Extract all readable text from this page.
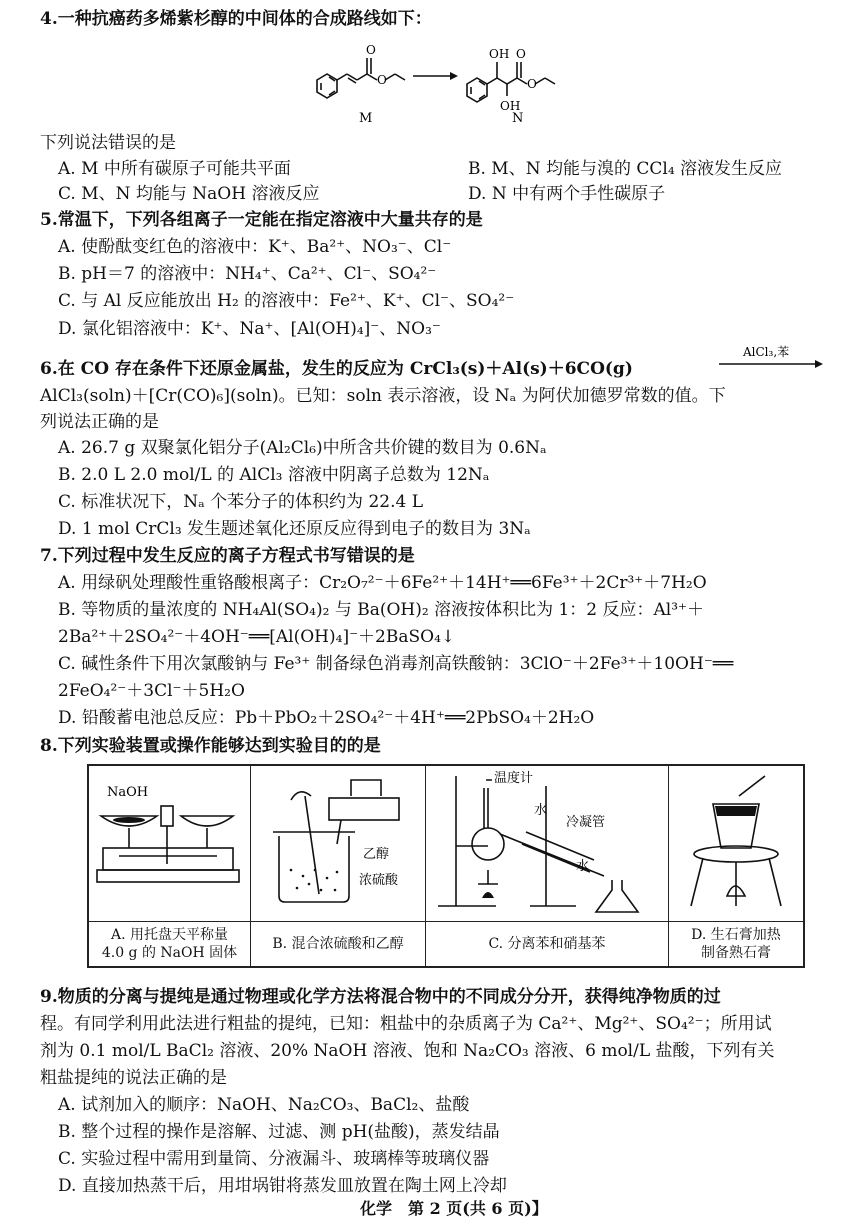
4.一种抗癌药多烯紫杉醇的中间体的合成路线如下：
O
O
OH O
O
OH
M	N
下列说法错误的是
A. M 中所有碳原子可能共平面	B. M、N 均能与溴的 CCl₄ 溶液发生反应
C. M、N 均能与 NaOH 溶液反应	D. N 中有两个手性碳原子
5.常温下，下列各组离子一定能在指定溶液中大量共存的是
A. 使酚酞变红色的溶液中：K⁺、Ba²⁺、NO₃⁻、Cl⁻
B. pH＝7 的溶液中：NH₄⁺、Ca²⁺、Cl⁻、SO₄²⁻
C. 与 Al 反应能放出 H₂ 的溶液中：Fe²⁺、K⁺、Cl⁻、SO₄²⁻
D. 氯化铝溶液中：K⁺、Na⁺、[Al(OH)₄]⁻、NO₃⁻
6.在 CO 存在条件下还原金属盐，发生的反应为 CrCl₃(s)＋Al(s)＋6CO(g)
AlCl₃,苯
AlCl₃(soln)＋[Cr(CO)₆](soln)。已知：soln 表示溶液，设 Nₐ 为阿伏加德罗常数的值。下
列说法正确的是
A. 26.7 g 双聚氯化铝分子(Al₂Cl₆)中所含共价键的数目为 0.6Nₐ
B. 2.0 L 2.0 mol/L 的 AlCl₃ 溶液中阴离子总数为 12Nₐ
C. 标准状况下，Nₐ 个苯分子的体积约为 22.4 L
D. 1 mol CrCl₃ 发生题述氧化还原反应得到电子的数目为 3Nₐ
7.下列过程中发生反应的离子方程式书写错误的是
A. 用绿矾处理酸性重铬酸根离子：Cr₂O₇²⁻＋6Fe²⁺＋14H⁺══6Fe³⁺＋2Cr³⁺＋7H₂O
B. 等物质的量浓度的 NH₄Al(SO₄)₂ 与 Ba(OH)₂ 溶液按体积比为 1：2 反应：Al³⁺＋
2Ba²⁺＋2SO₄²⁻＋4OH⁻══[Al(OH)₄]⁻＋2BaSO₄↓
C. 碱性条件下用次氯酸钠与 Fe³⁺ 制备绿色消毒剂高铁酸钠：3ClO⁻＋2Fe³⁺＋10OH⁻══
2FeO₄²⁻＋3Cl⁻＋5H₂O
D. 铅酸蓄电池总反应：Pb＋PbO₂＋2SO₄²⁻＋4H⁺══2PbSO₄＋2H₂O
8.下列实验装置或操作能够达到实验目的的是
NaOH
A. 用托盘天平称量
4.0 g 的 NaOH 固体
乙醇
浓硫酸
B. 混合浓硫酸和乙醇
温度计
水
冷凝管
水
C. 分离苯和硝基苯
D. 生石膏加热
制备熟石膏
9.物质的分离与提纯是通过物理或化学方法将混合物中的不同成分分开，获得纯净物质的过
程。有同学利用此法进行粗盐的提纯，已知：粗盐中的杂质离子为 Ca²⁺、Mg²⁺、SO₄²⁻；所用试
剂为 0.1 mol/L BaCl₂ 溶液、20% NaOH 溶液、饱和 Na₂CO₃ 溶液、6 mol/L 盐酸，下列有关
粗盐提纯的说法正确的是
A. 试剂加入的顺序：NaOH、Na₂CO₃、BaCl₂、盐酸
B. 整个过程的操作是溶解、过滤、测 pH(盐酸)，蒸发结晶
C. 实验过程中需用到量筒、分液漏斗、玻璃棒等玻璃仪器
D. 直接加热蒸干后，用坩埚钳将蒸发皿放置在陶土网上冷却
化学　第 2 页(共 6 页)】
